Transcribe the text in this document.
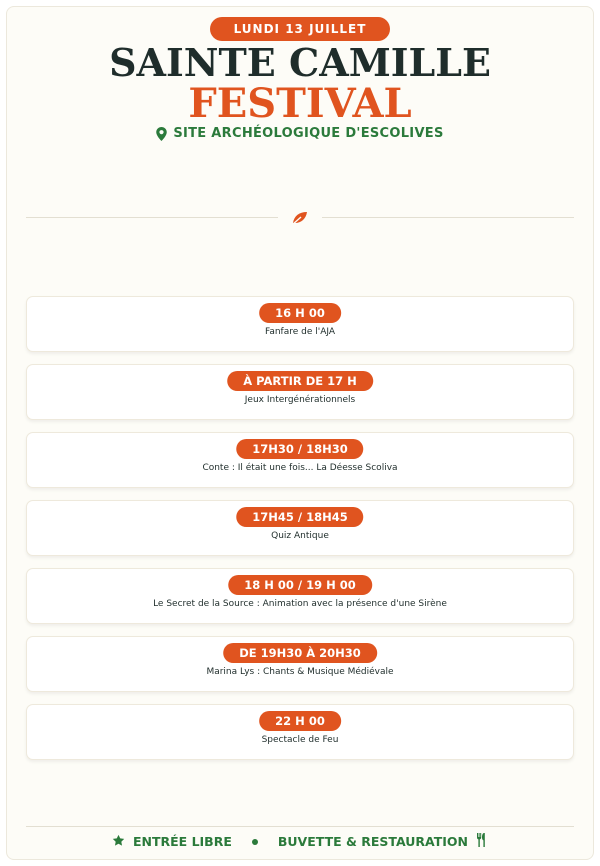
LUNDI 13 JUILLET
SAINTE CAMILLE
FESTIVAL
SITE ARCHÉOLOGIQUE D'ESCOLIVES
16 H 00
Fanfare de l'AJA
À PARTIR DE 17 H
Jeux Intergénérationnels
17H30 / 18H30
Conte : Il était une fois... La Déesse Scoliva
17H45 / 18H45
Quiz Antique
18 H 00 / 19 H 00
Le Secret de la Source : Animation avec la présence d'une Sirène
DE 19H30 À 20H30
Marina Lys : Chants & Musique Médiévale
22 H 00
Spectacle de Feu
ENTRÉE LIBRE	BUVETTE & RESTAURATION
